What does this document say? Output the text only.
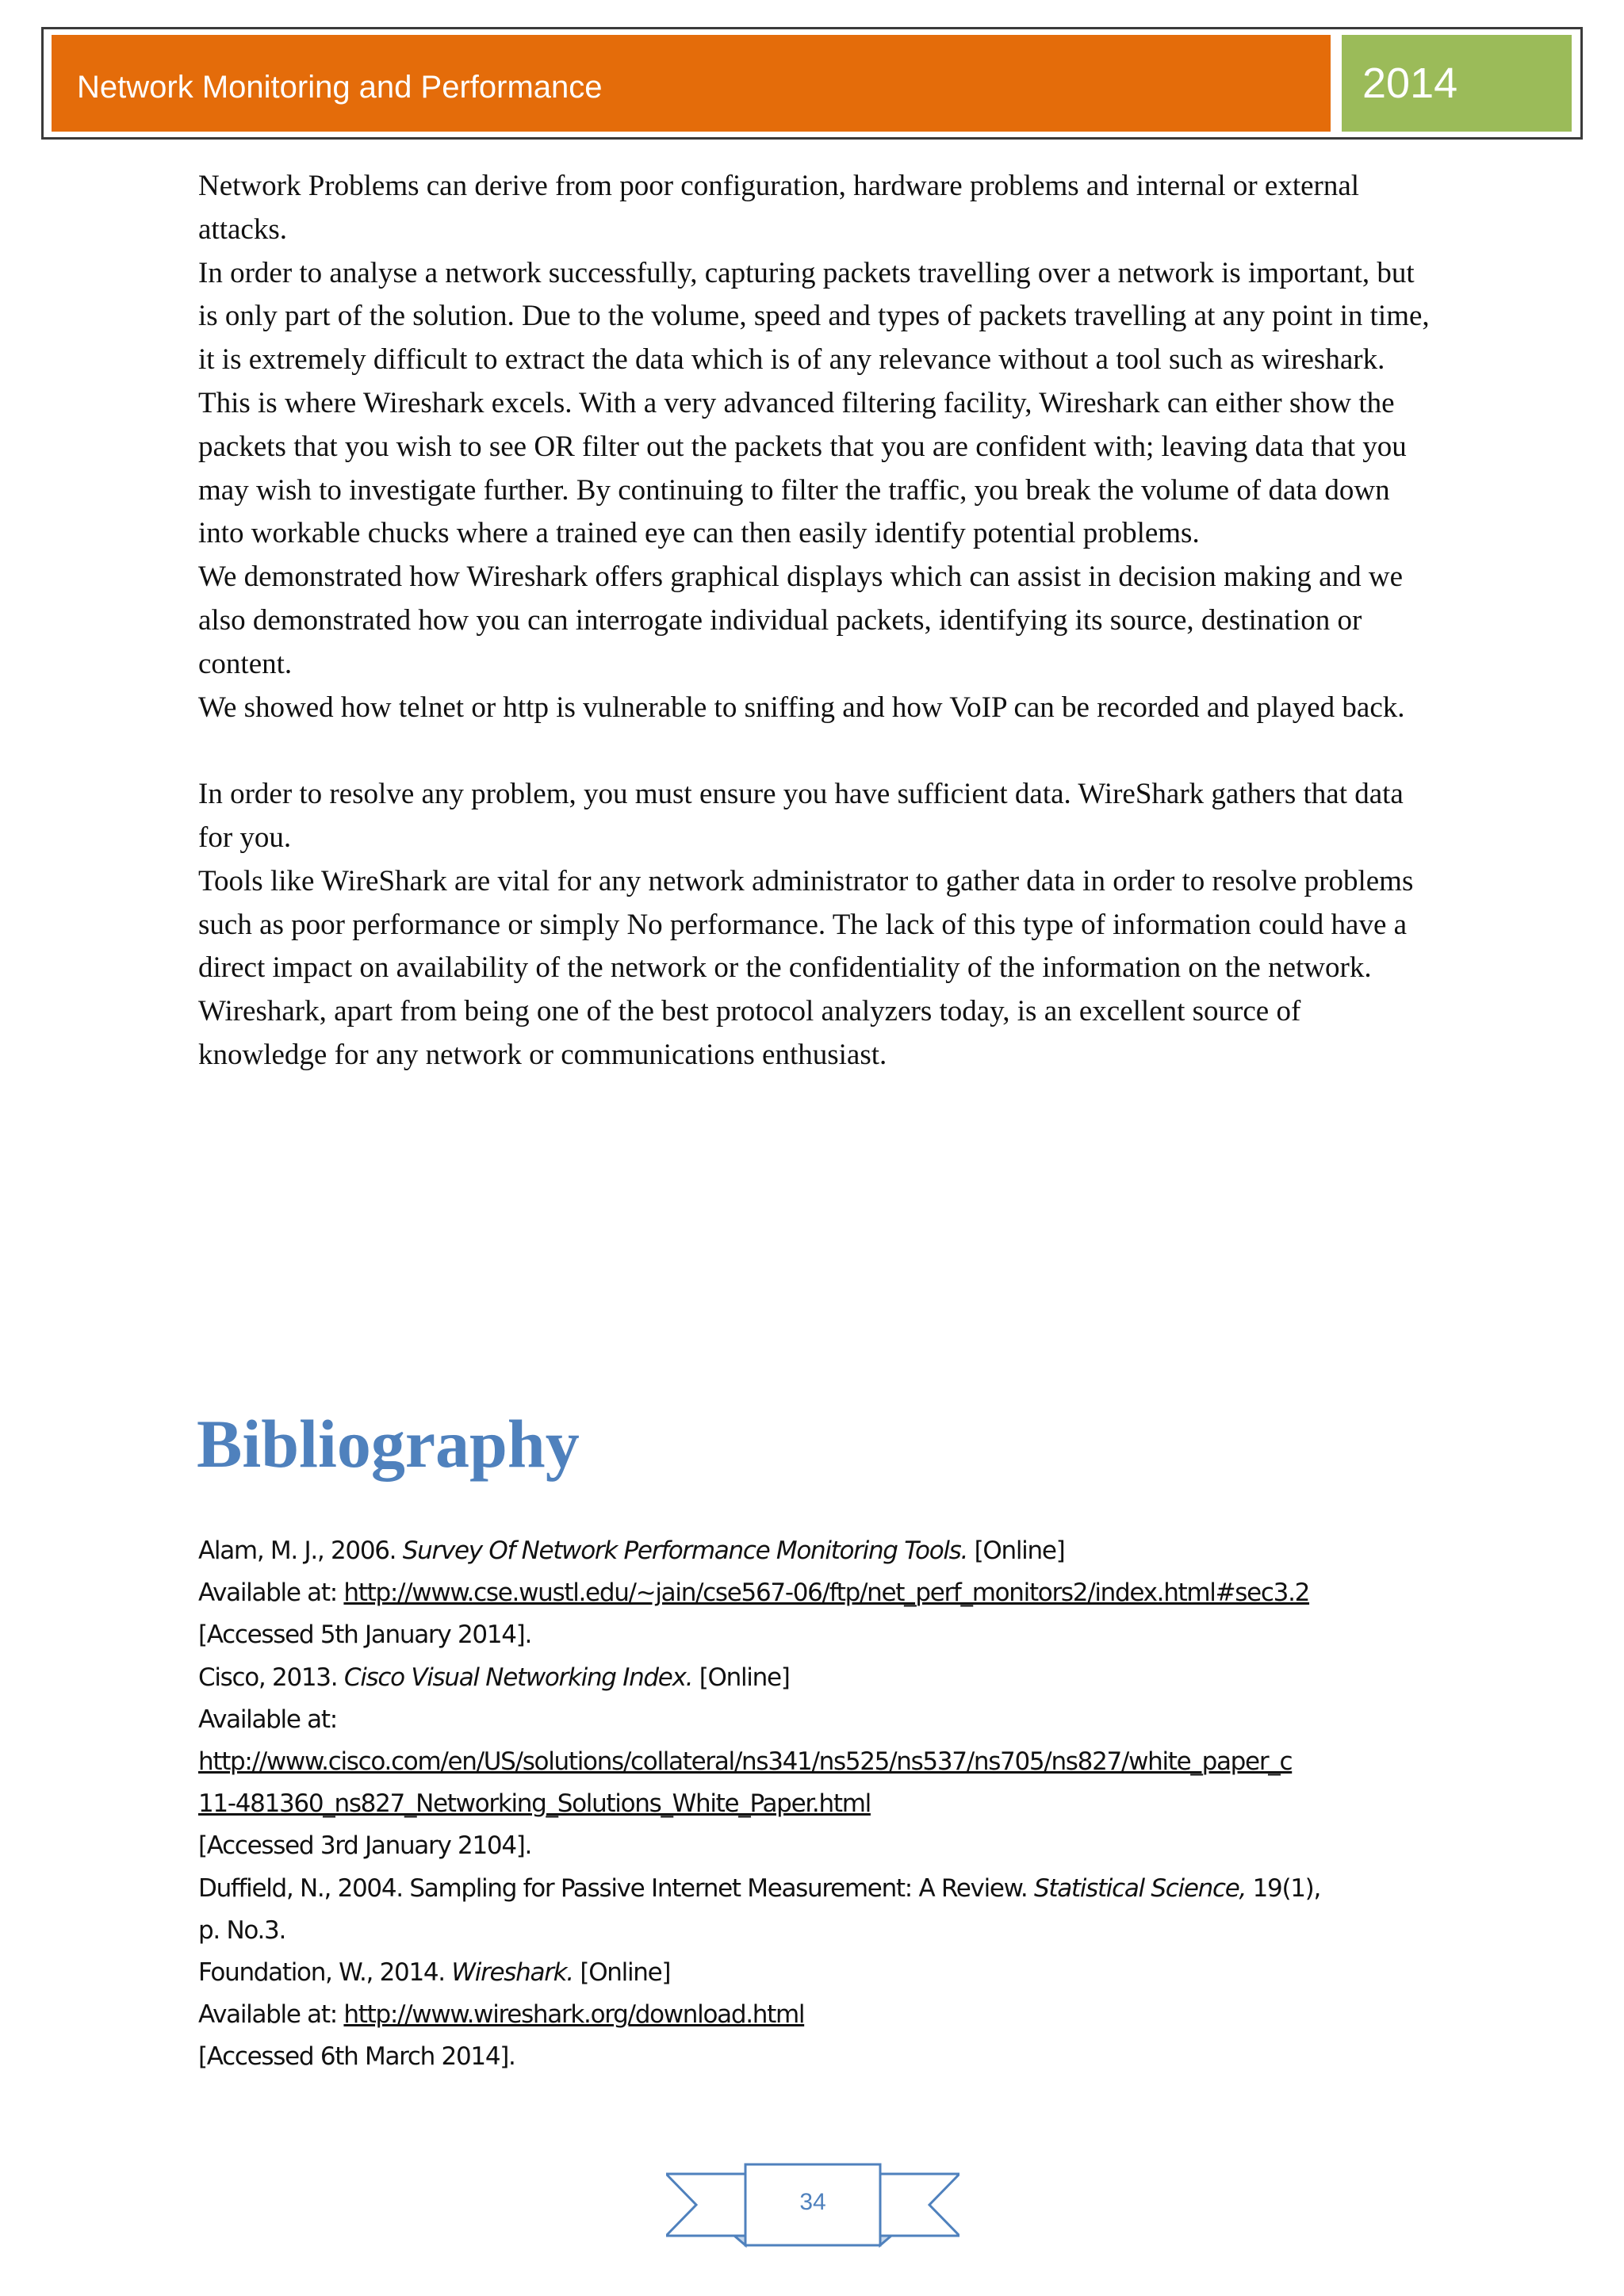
Network Monitoring and Performance	2014

Network Problems can derive from poor configuration, hardware problems and internal or external attacks.

In order to analyse a network successfully, capturing packets travelling over a network is important, but is only part of the solution. Due to the volume, speed and types of packets travelling at any point in time, it is extremely difficult to extract the data which is of any relevance without a tool such as wireshark.

This is where Wireshark excels. With a very advanced filtering facility, Wireshark can either show the packets that you wish to see OR filter out the packets that you are confident with; leaving data that you may wish to investigate further. By continuing to filter the traffic, you break the volume of data down into workable chucks where a trained eye can then easily identify potential problems.

We demonstrated how Wireshark offers graphical displays which can assist in decision making and we also demonstrated how you can interrogate individual packets, identifying its source, destination or content.

We showed how telnet or http is vulnerable to sniffing and how VoIP can be recorded and played back.

In order to resolve any problem, you must ensure you have sufficient data. WireShark gathers that data for you.

Tools like WireShark are vital for any network administrator to gather data in order to resolve problems such as poor performance or simply No performance. The lack of this type of information could have a direct impact on availability of the network or the confidentiality of the information on the network.

Wireshark, apart from being one of the best protocol analyzers today, is an excellent source of knowledge for any network or communications enthusiast.

Bibliography
Alam, M. J., 2006. Survey Of Network Performance Monitoring Tools. [Online]
Available at: http://www.cse.wustl.edu/~jain/cse567-06/ftp/net_perf_monitors2/index.html#sec3.2
[Accessed 5th January 2014].
Cisco, 2013. Cisco Visual Networking Index. [Online]
Available at:
http://www.cisco.com/en/US/solutions/collateral/ns341/ns525/ns537/ns705/ns827/white_paper_c
11-481360_ns827_Networking_Solutions_White_Paper.html
[Accessed 3rd January 2104].
Duffield, N., 2004. Sampling for Passive Internet Measurement: A Review. Statistical Science, 19(1),
p. No.3.
Foundation, W., 2014. Wireshark. [Online]
Available at: http://www.wireshark.org/download.html
[Accessed 6th March 2014].
34
